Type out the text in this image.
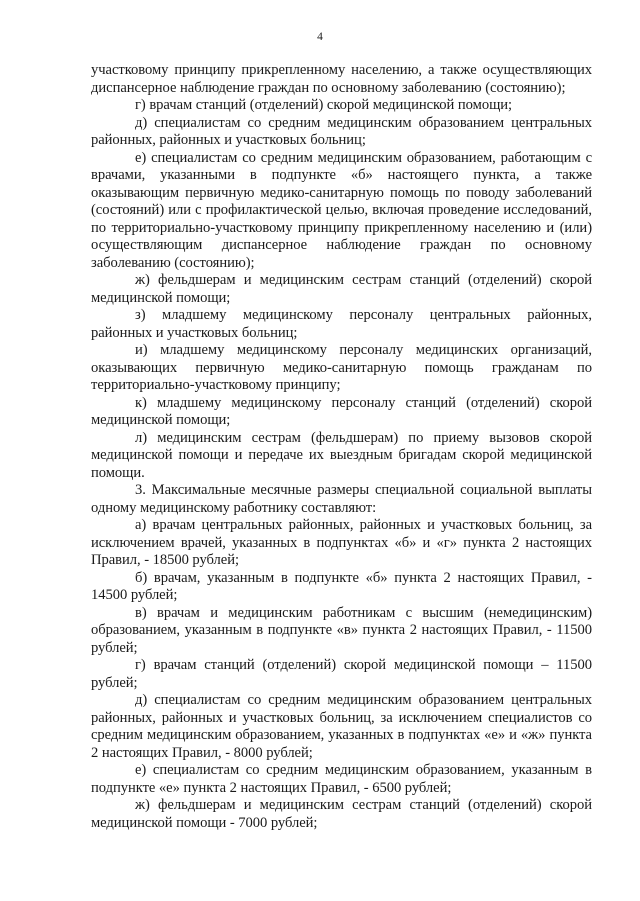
4

участковому принципу прикрепленному населению, а также осуществляющих диспансерное наблюдение граждан по основному заболеванию (состоянию);

г) врачам станций (отделений) скорой медицинской помощи;

д) специалистам со средним медицинским образованием центральных районных, районных и участковых больниц;

е) специалистам со средним медицинским образованием, работающим с врачами, указанными в подпункте «б» настоящего пункта, а также оказывающим первичную медико-санитарную помощь по поводу заболеваний (состояний) или с профилактической целью, включая проведение исследований, по территориально-участковому принципу прикрепленному населению и (или) осуществляющим диспансерное наблюдение граждан по основному заболеванию (состоянию);

ж) фельдшерам и медицинским сестрам станций (отделений) скорой медицинской помощи;

з) младшему медицинскому персоналу центральных районных, районных и участковых больниц;

и) младшему медицинскому персоналу медицинских организаций, оказывающих первичную медико-санитарную помощь гражданам по территориально-участковому принципу;

к) младшему медицинскому персоналу станций (отделений) скорой медицинской помощи;

л) медицинским сестрам (фельдшерам) по приему вызовов скорой медицинской помощи и передаче их выездным бригадам скорой медицинской помощи.

3. Максимальные месячные размеры специальной социальной выплаты одному медицинскому работнику составляют:

а) врачам центральных районных, районных и участковых больниц, за исключением врачей, указанных в подпунктах «б» и «г» пункта 2 настоящих Правил, - 18500 рублей;

б) врачам, указанным в подпункте «б» пункта 2 настоящих Правил, - 14500 рублей;

в) врачам и медицинским работникам с высшим (немедицинским) образованием, указанным в подпункте «в» пункта 2 настоящих Правил, - 11500 рублей;

г) врачам станций (отделений) скорой медицинской помощи – 11500 рублей;

д) специалистам со средним медицинским образованием центральных районных, районных и участковых больниц, за исключением специалистов со средним медицинским образованием, указанных в подпунктах «е» и «ж» пункта 2 настоящих Правил, - 8000 рублей;

е) специалистам со средним медицинским образованием, указанным в подпункте «е» пункта 2 настоящих Правил, - 6500 рублей;

ж) фельдшерам и медицинским сестрам станций (отделений) скорой медицинской помощи - 7000 рублей;
